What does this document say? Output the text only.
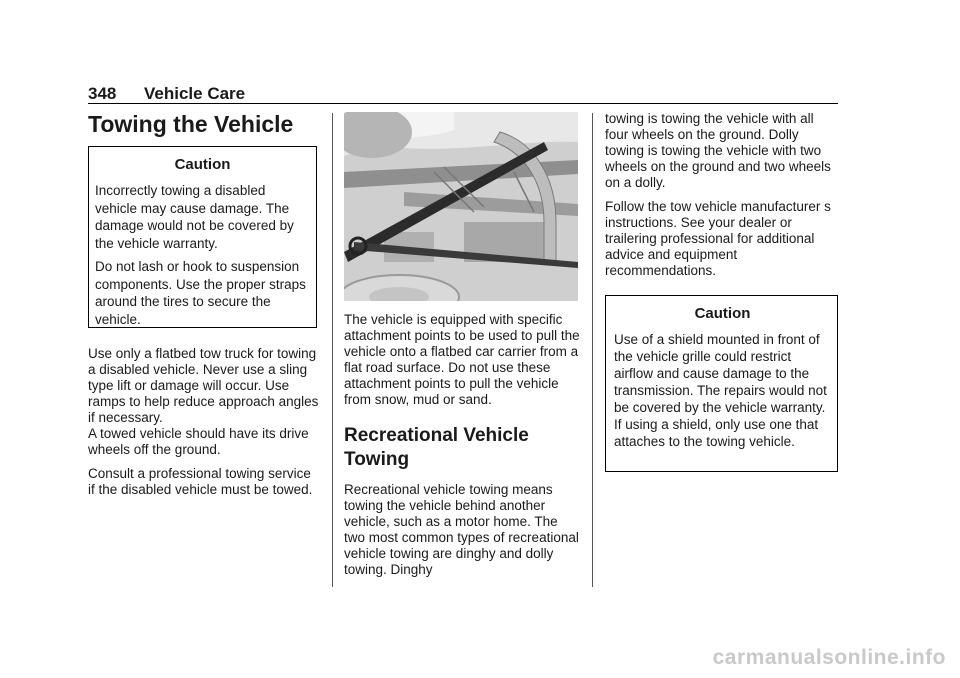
348 Vehicle Care
Towing the Vehicle
Caution

Incorrectly towing a disabled vehicle may cause damage. The damage would not be covered by the vehicle warranty.

Do not lash or hook to suspension components. Use the proper straps around the tires to secure the vehicle.

Use only a flatbed tow truck for towing a disabled vehicle. Never use a sling type lift or damage will occur. Use ramps to help reduce approach angles if necessary.

A towed vehicle should have its drive wheels off the ground.

Consult a professional towing service if the disabled vehicle must be towed.

The vehicle is equipped with specific attachment points to be used to pull the vehicle onto a flatbed car carrier from a flat road surface. Do not use these attachment points to pull the vehicle from snow, mud or sand.

Recreational Vehicle
Towing

Recreational vehicle towing means towing the vehicle behind another vehicle, such as a motor home. The two most common types of recreational vehicle towing are dinghy and dolly towing. Dinghy

towing is towing the vehicle with all four wheels on the ground. Dolly towing is towing the vehicle with two wheels on the ground and two wheels on a dolly.

Follow the tow vehicle manufacturer s instructions. See your dealer or trailering professional for additional advice and equipment recommendations.

Caution

Use of a shield mounted in front of the vehicle grille could restrict airflow and cause damage to the transmission. The repairs would not be covered by the vehicle warranty. If using a shield, only use one that attaches to the towing vehicle.

carmanualsonline.info
